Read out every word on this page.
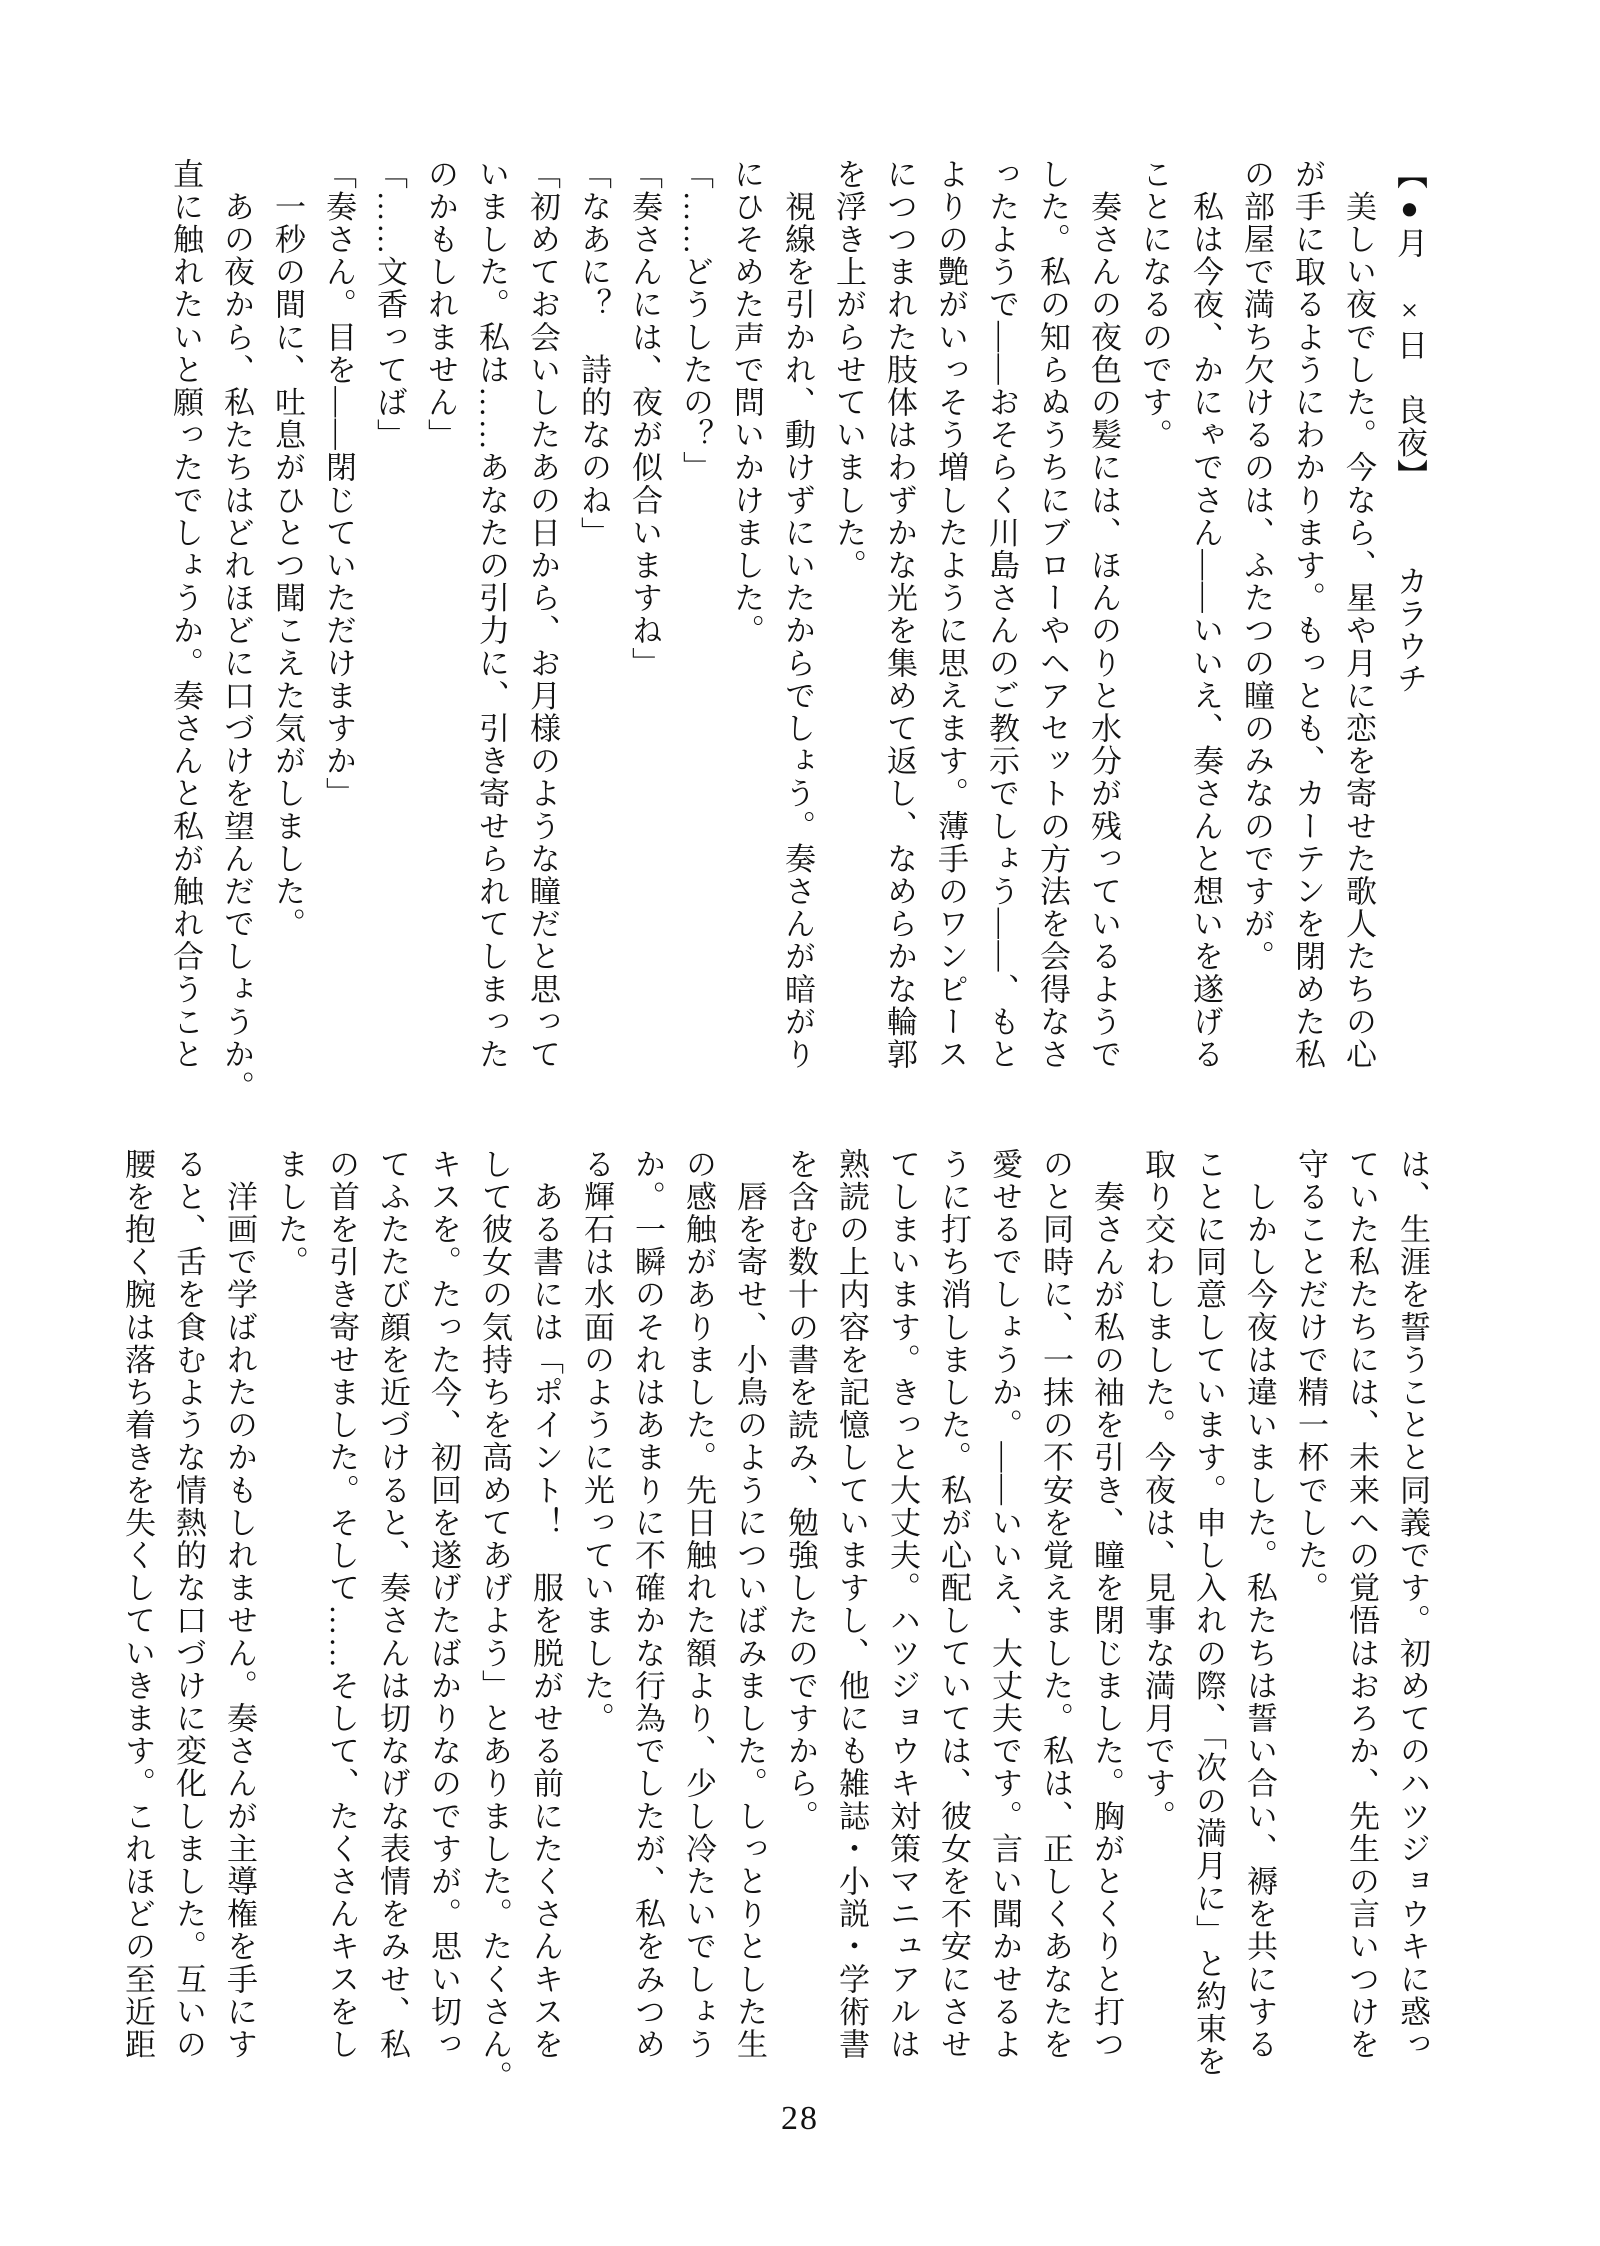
【●月　×日　良夜】 カラウチ

　美しい夜でした。今なら、星や月に恋を寄せた歌人たちの心

が手に取るようにわかります。もっとも、カーテンを閉めた私

の部屋で満ち欠けるのは、ふたつの瞳のみなのですが。

　私は今夜、かにゃでさん――いいえ、奏さんと想いを遂げる

ことになるのです。

　奏さんの夜色の髪には、ほんのりと水分が残っているようで

した。私の知らぬうちにブローやヘアセットの方法を会得なさ

ったようで――おそらく川島さんのご教示でしょう――、もと

よりの艶がいっそう増したように思えます。薄手のワンピース

につつまれた肢体はわずかな光を集めて返し、なめらかな輪郭

を浮き上がらせていました。

　視線を引かれ、動けずにいたからでしょう。奏さんが暗がり

にひそめた声で問いかけました。

「……どうしたの？」

「奏さんには、夜が似合いますね」

「なあに？　詩的なのね」

「初めてお会いしたあの日から、お月様のような瞳だと思って

いました。私は……あなたの引力に、引き寄せられてしまった

のかもしれません」

「……文香ってば」

「奏さん。目を――閉じていただけますか」

　一秒の間に、吐息がひとつ聞こえた気がしました。

　あの夜から、私たちはどれほどに口づけを望んだでしょうか。

直に触れたいと願ったでしょうか。奏さんと私が触れ合うこと

は、生涯を誓うことと同義です。初めてのハツジョウキに惑っ

ていた私たちには、未来への覚悟はおろか、先生の言いつけを

守ることだけで精一杯でした。

　しかし今夜は違いました。私たちは誓い合い、褥を共にする

ことに同意しています。申し入れの際、「次の満月に」と約束を

取り交わしました。今夜は、見事な満月です。

　奏さんが私の袖を引き、瞳を閉じました。胸がとくりと打つ

のと同時に、一抹の不安を覚えました。私は、正しくあなたを

愛せるでしょうか。――いいえ、大丈夫です。言い聞かせるよ

うに打ち消しました。私が心配していては、彼女を不安にさせ

てしまいます。きっと大丈夫。ハツジョウキ対策マニュアルは

熟読の上内容を記憶していますし、他にも雑誌・小説・学術書

を含む数十の書を読み、勉強したのですから。

　唇を寄せ、小鳥のようについばみました。しっとりとした生

の感触がありました。先日触れた額より、少し冷たいでしょう

か。一瞬のそれはあまりに不確かな行為でしたが、私をみつめ

る輝石は水面のように光っていました。

　ある書には「ポイント！　服を脱がせる前にたくさんキスを

して彼女の気持ちを高めてあげよう」とありました。たくさん。

キスを。たった今、初回を遂げたばかりなのですが。思い切っ

てふたたび顔を近づけると、奏さんは切なげな表情をみせ、私

の首を引き寄せました。そして……そして、たくさんキスをし

ました。

　洋画で学ばれたのかもしれません。奏さんが主導権を手にす

ると、舌を食むような情熱的な口づけに変化しました。互いの

腰を抱く腕は落ち着きを失くしていきます。これほどの至近距

28
